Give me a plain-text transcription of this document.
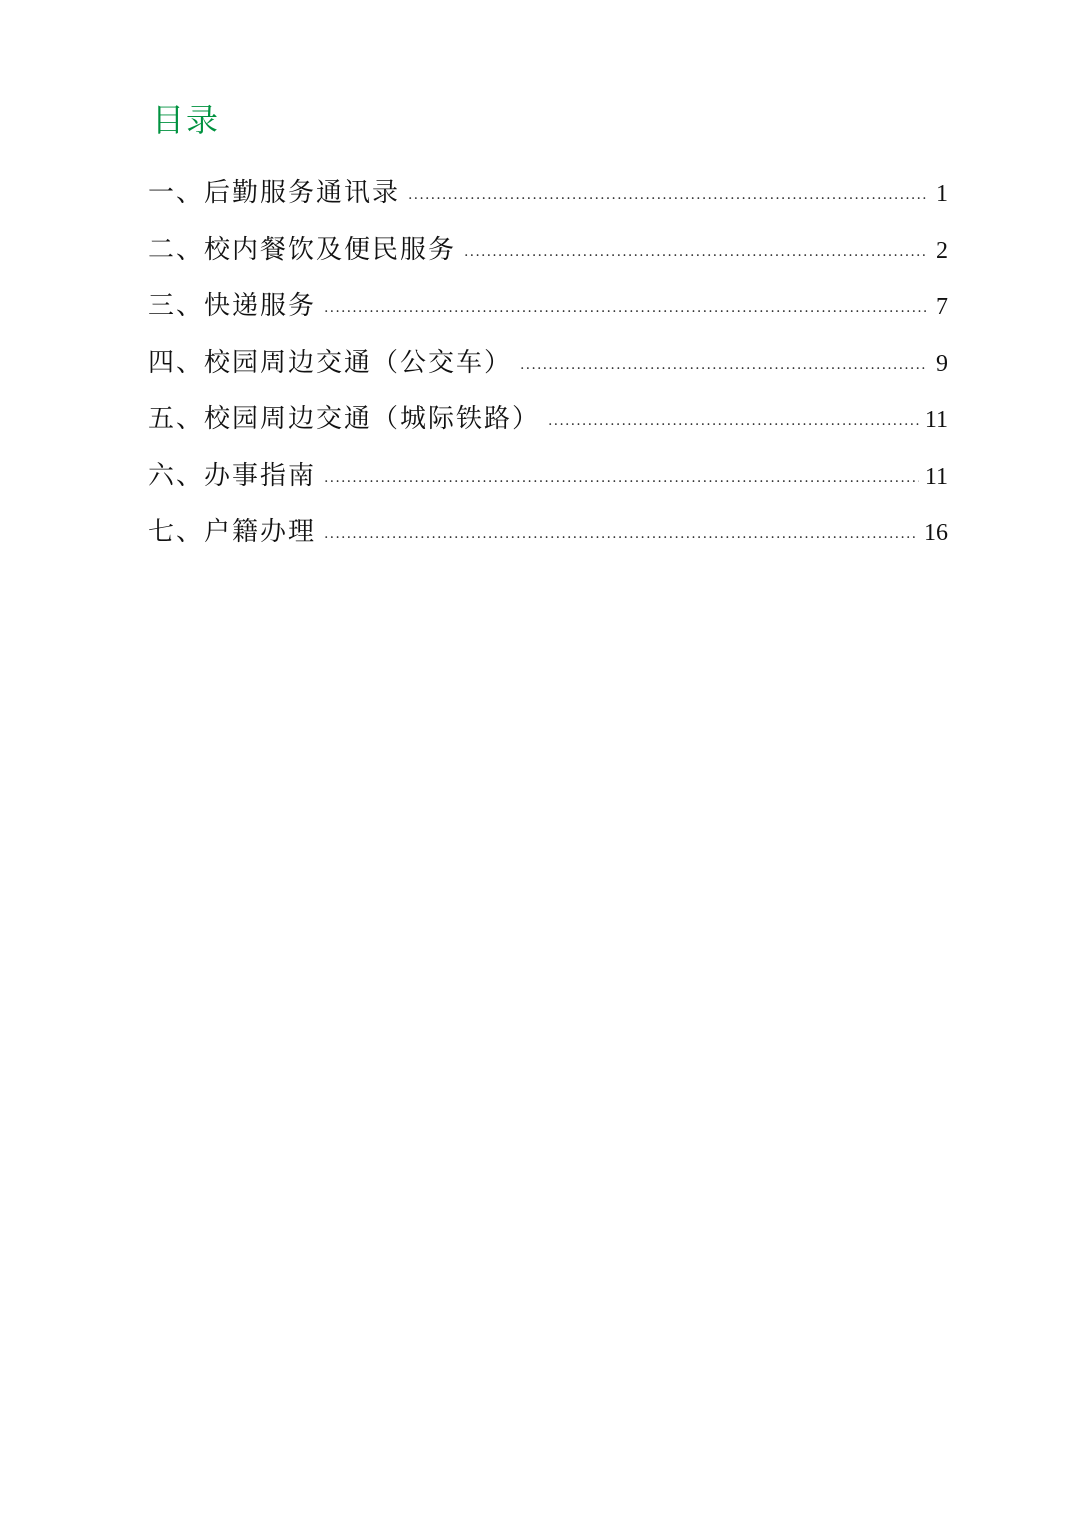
目录
一、后勤服务通讯录 .....	1
二、校内餐饮及便民服务 .....	2
三、快递服务 .....	7
四、校园周边交通（公交车） .....	9
五、校园周边交通（城际铁路） .....	11
六、办事指南 .....	11
七、户籍办理 .....	16
